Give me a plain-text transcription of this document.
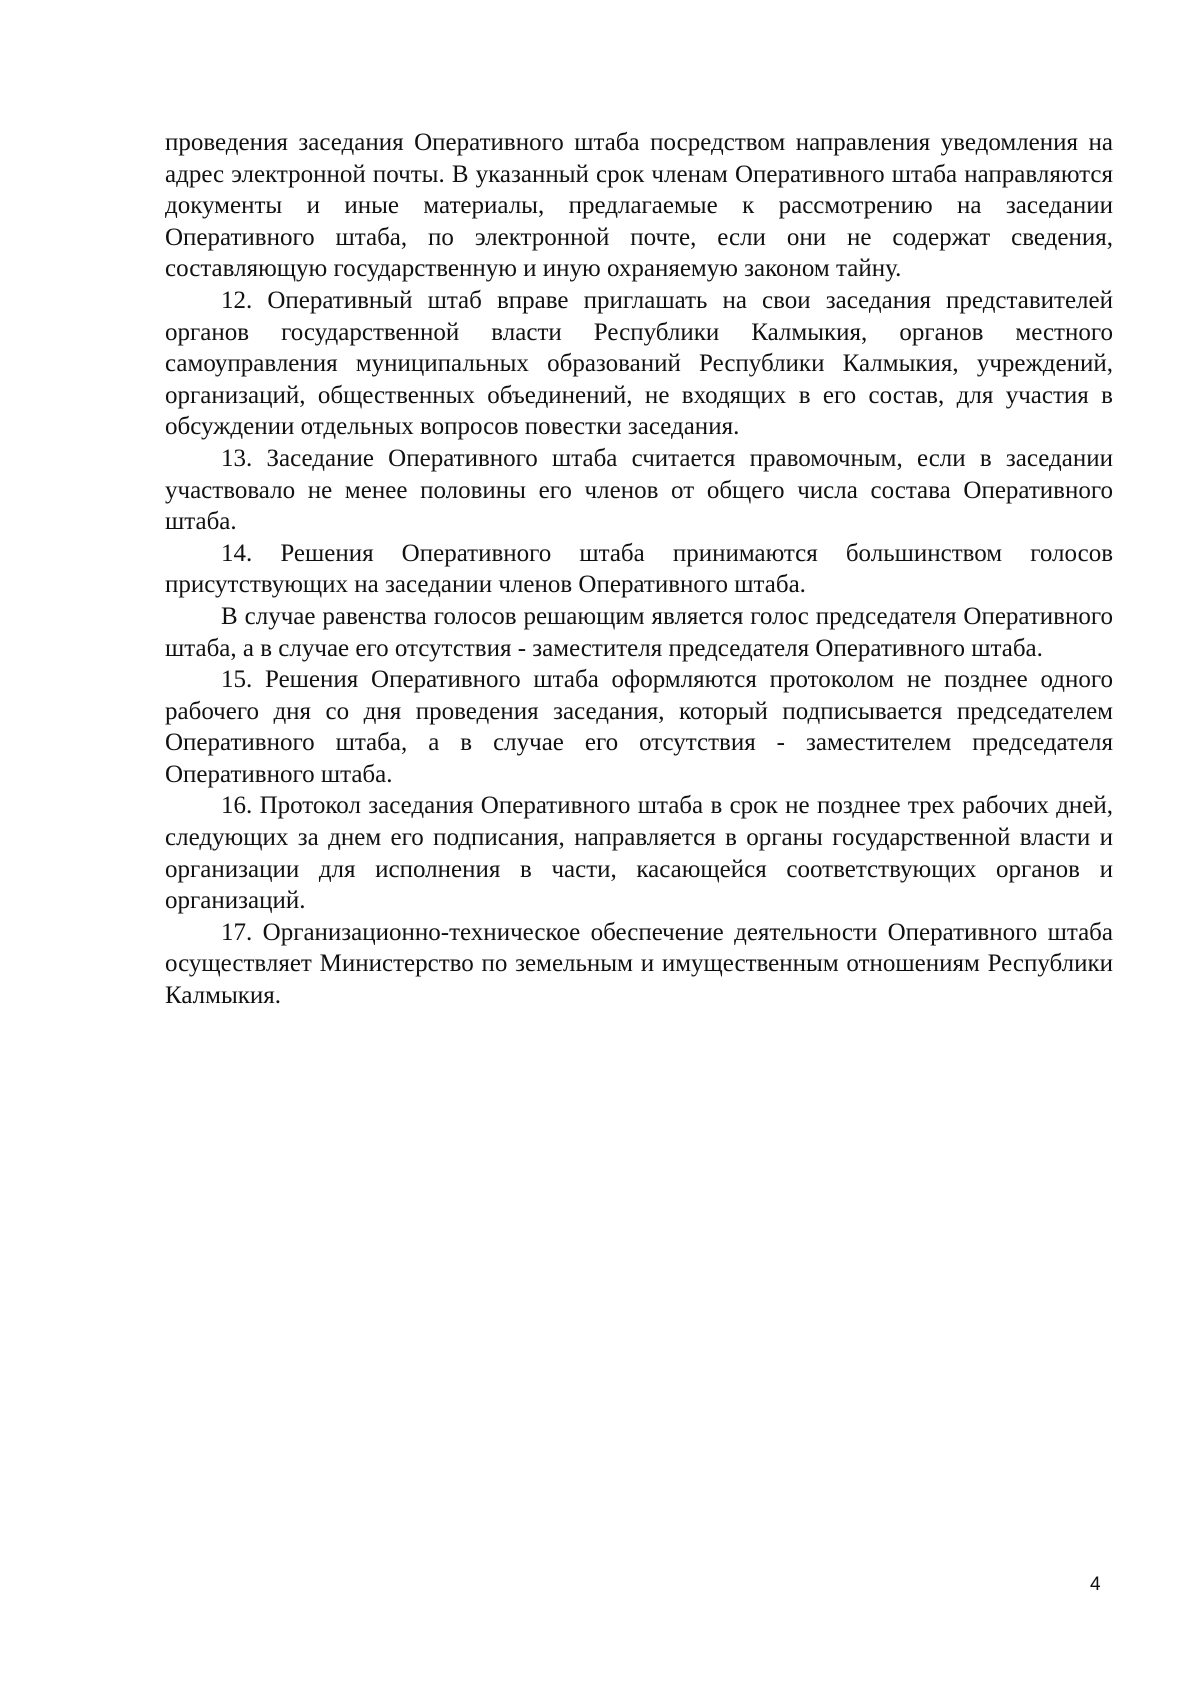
проведения заседания Оперативного штаба посредством направления уведомления на адрес электронной почты. В указанный срок членам Оперативного штаба направляются документы и иные материалы, предлагаемые к рассмотрению на заседании Оперативного штаба, по электронной почте, если они не содержат сведения, составляющую государственную и иную охраняемую законом тайну.

12. Оперативный штаб вправе приглашать на свои заседания представителей органов государственной власти Республики Калмыкия, органов местного самоуправления муниципальных образований Республики Калмыкия, учреждений, организаций, общественных объединений, не входящих в его состав, для участия в обсуждении отдельных вопросов повестки заседания.

13. Заседание Оперативного штаба считается правомочным, если в заседании участвовало не менее половины его членов от общего числа состава Оперативного штаба.

14. Решения Оперативного штаба принимаются большинством голосов присутствующих на заседании членов Оперативного штаба.

В случае равенства голосов решающим является голос председателя Оперативного штаба, а в случае его отсутствия - заместителя председателя Оперативного штаба.

15. Решения Оперативного штаба оформляются протоколом не позднее одного рабочего дня со дня проведения заседания, который подписывается председателем Оперативного штаба, а в случае его отсутствия - заместителем председателя Оперативного штаба.

16. Протокол заседания Оперативного штаба в срок не позднее трех рабочих дней, следующих за днем его подписания, направляется в органы государственной власти и организации для исполнения в части, касающейся соответствующих органов и организаций.

17. Организационно-техническое обеспечение деятельности Оперативного штаба осуществляет Министерство по земельным и имущественным отношениям Республики Калмыкия.

4
